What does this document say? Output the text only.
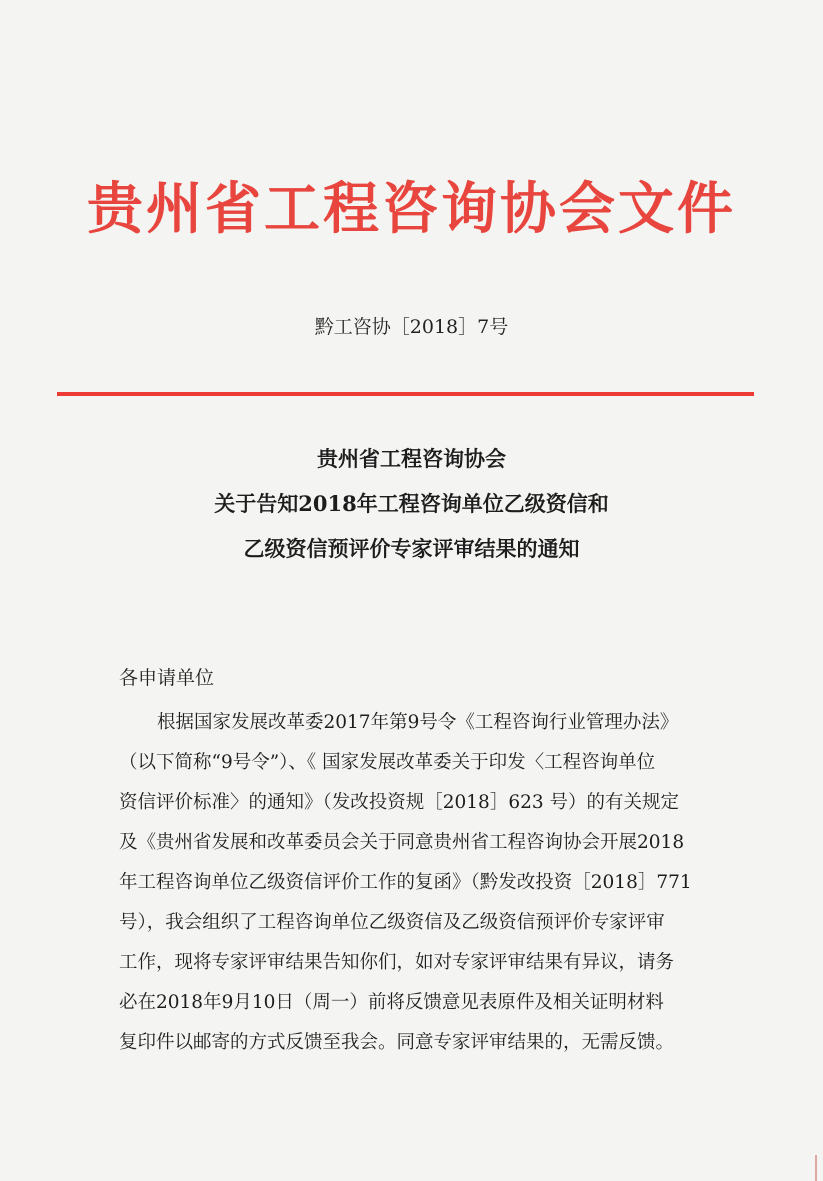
贵州省工程咨询协会文件
黔工咨协［2018］7号
贵州省工程咨询协会
关于告知2018年工程咨询单位乙级资信和
乙级资信预评价专家评审结果的通知
各申请单位
根据国家发展改革委2017年第9号令《工程咨询行业管理办法》
（以下简称“9号令”）、《 国家发展改革委关于印发〈工程咨询单位
资信评价标准〉的通知》（发改投资规［2018］623 号）的有关规定
及《贵州省发展和改革委员会关于同意贵州省工程咨询协会开展2018
年工程咨询单位乙级资信评价工作的复函》（黔发改投资［2018］771
号），我会组织了工程咨询单位乙级资信及乙级资信预评价专家评审
工作，现将专家评审结果告知你们，如对专家评审结果有异议，请务
必在2018年9月10日（周一）前将反馈意见表原件及相关证明材料
复印件以邮寄的方式反馈至我会。同意专家评审结果的，无需反馈。
